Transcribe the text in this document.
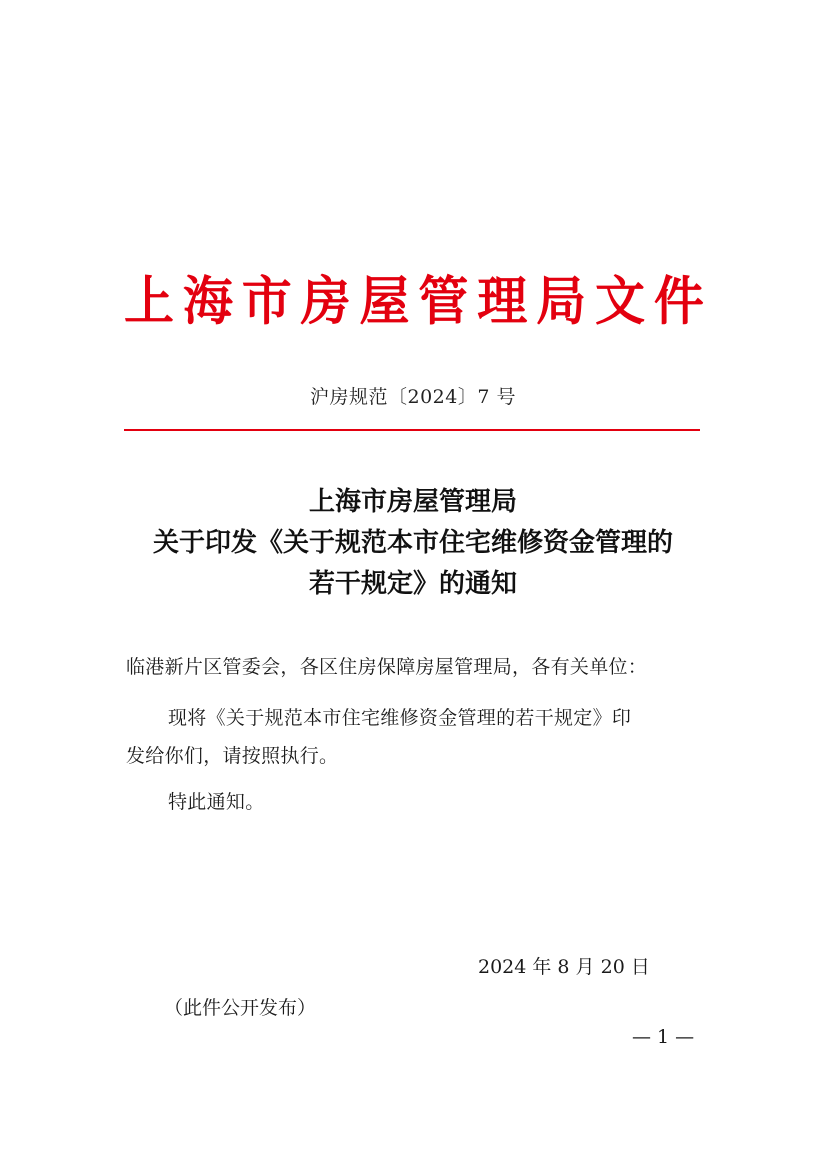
上 海 市 房 屋 管 理 局 文 件
沪房规范〔2024〕7 号
上海市房屋管理局
关于印发《关于规范本市住宅维修资金管理的
若干规定》的通知
临港新片区管委会，各区住房保障房屋管理局，各有关单位：
现将《关于规范本市住宅维修资金管理的若干规定》印
发给你们，请按照执行。
特此通知。
2024 年 8 月 20 日
（此件公开发布）
— 1 —
